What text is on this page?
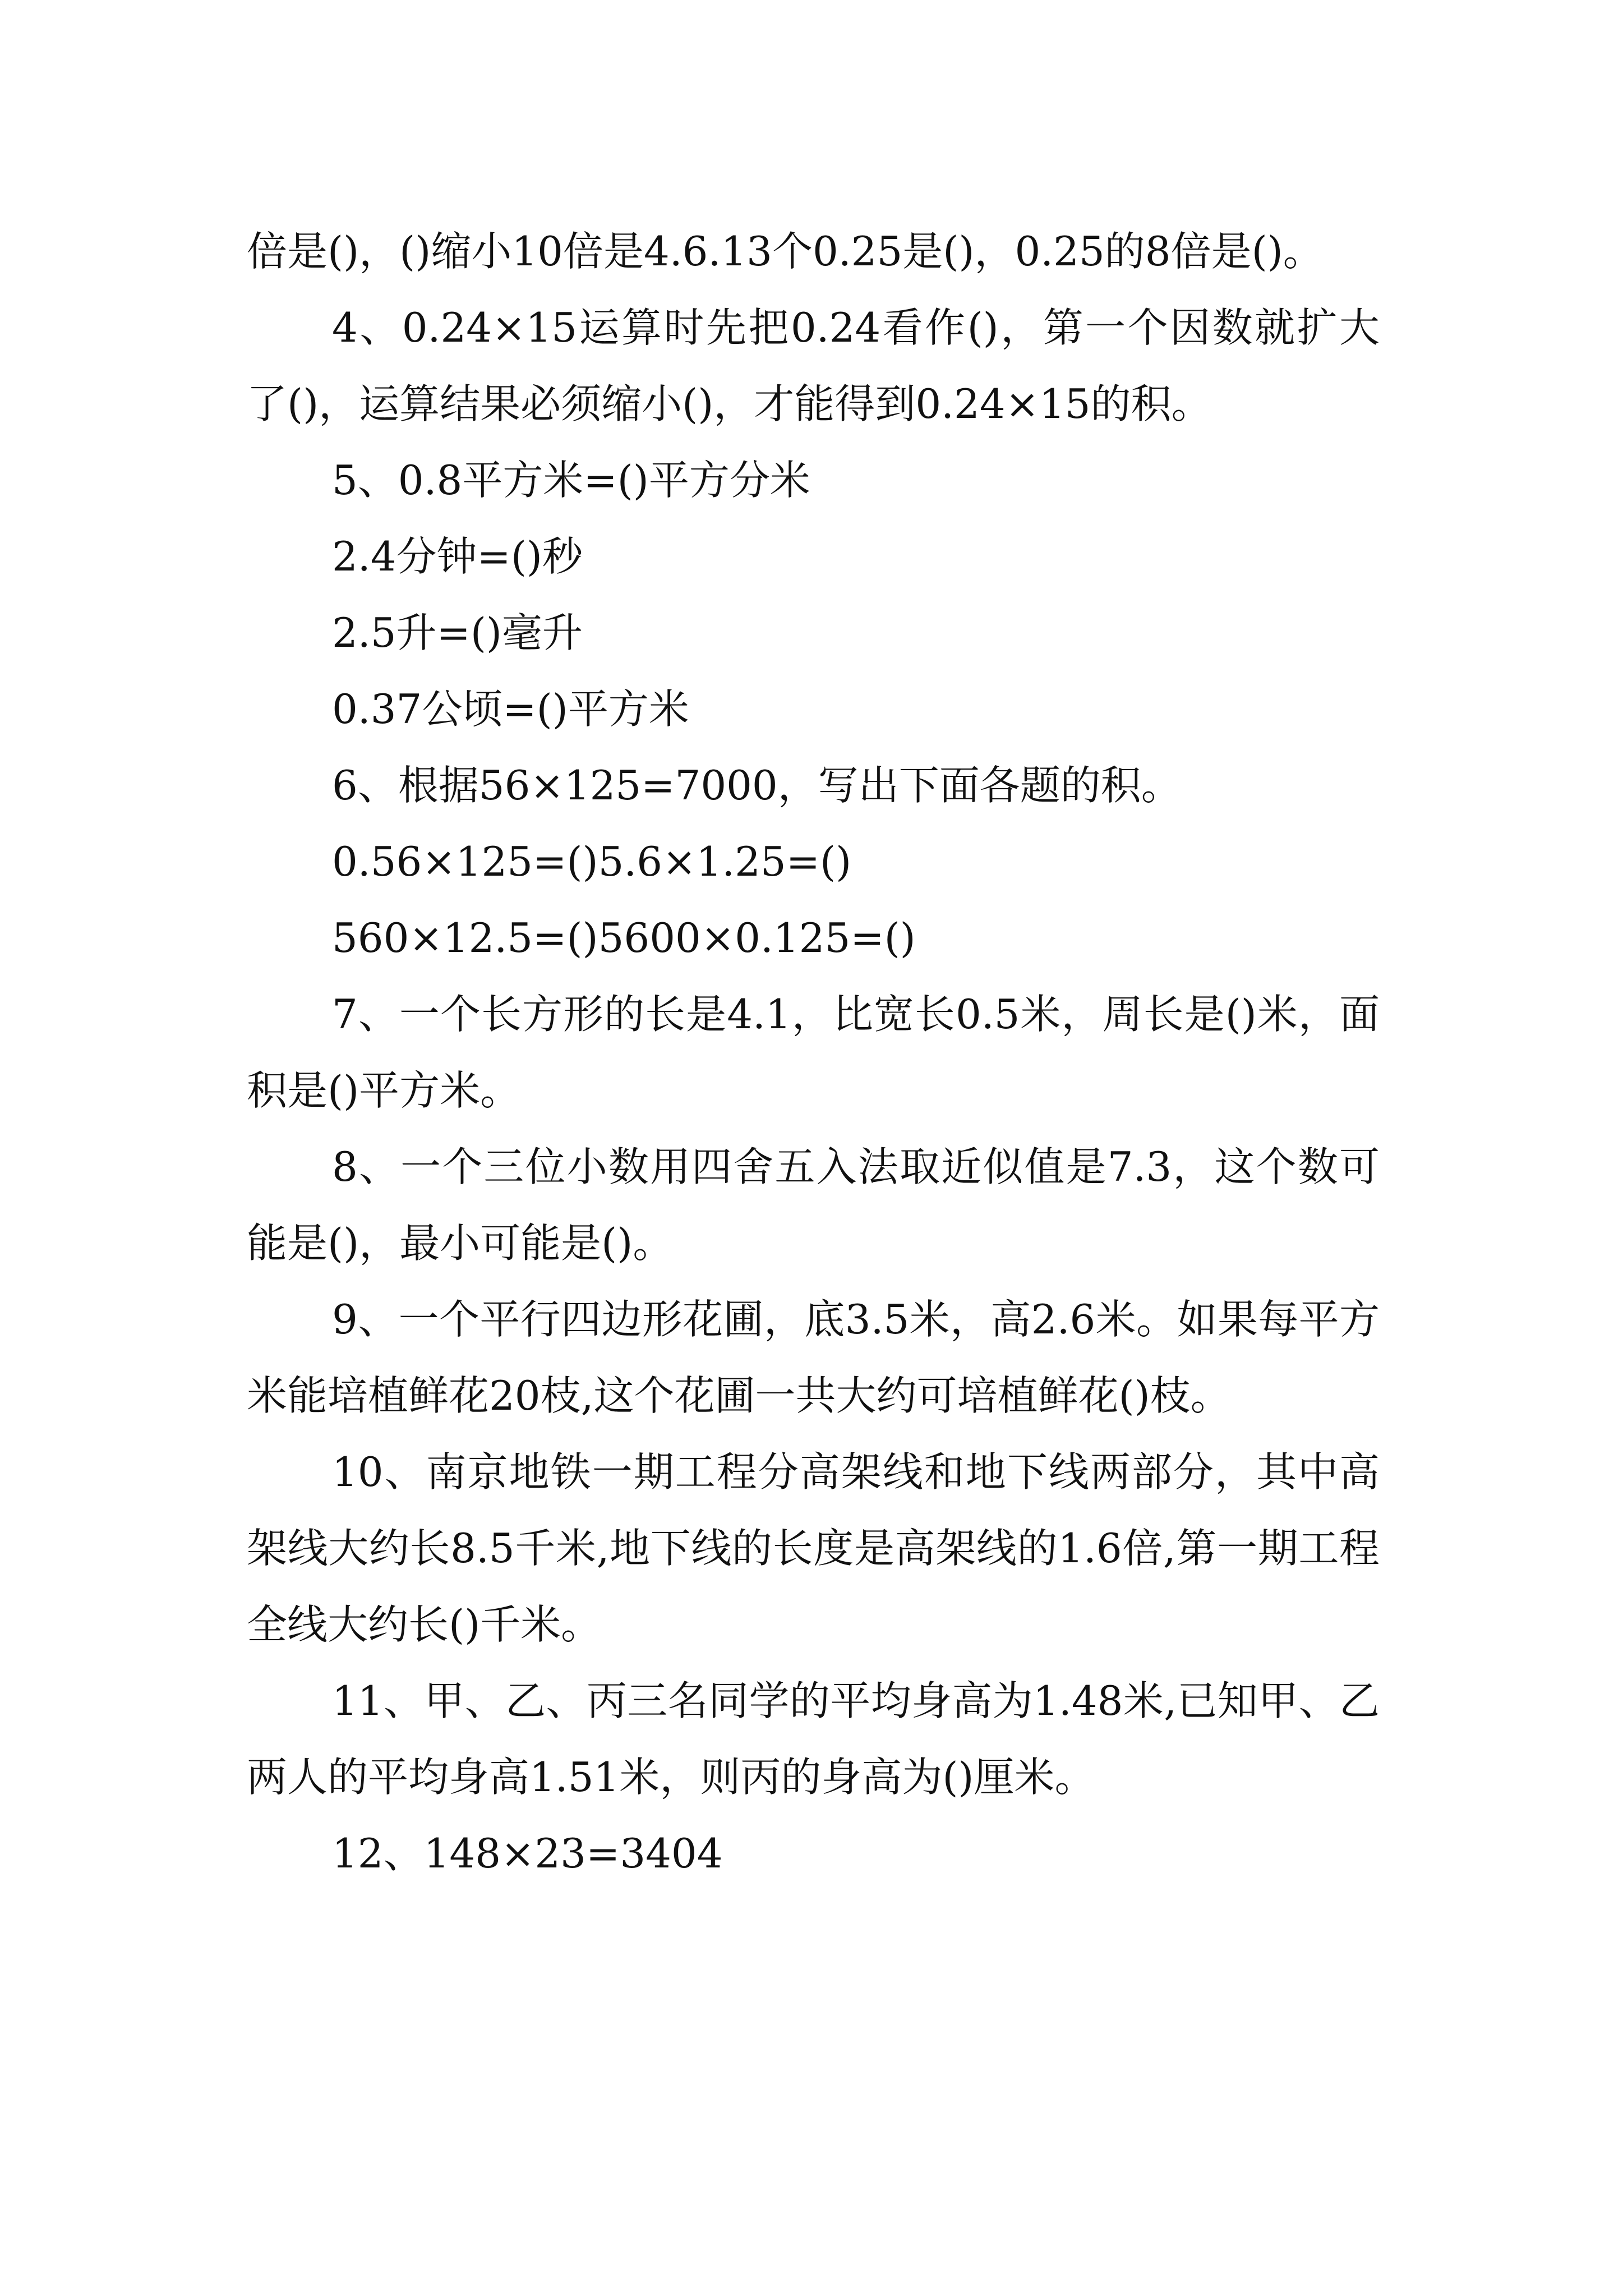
倍是()，()缩小10倍是4.6.13个0.25是()，0.25的8倍是()。

4、0.24×15运算时先把0.24看作()，第一个因数就扩大了()，运算结果必须缩小()，才能得到0.24×15的积。

5、0.8平方米=()平方分米

2.4分钟=()秒

2.5升=()毫升

0.37公顷=()平方米

6、根据56×125=7000，写出下面各题的积。

0.56×125=()5.6×1.25=()

560×12.5=()5600×0.125=()

7、一个长方形的长是4.1，比宽长0.5米，周长是()米，面积是()平方米。

8、一个三位小数用四舍五入法取近似值是7.3，这个数可能是()，最小可能是()。

9、一个平行四边形花圃，底3.5米，高2.6米。如果每平方米能培植鲜花20枝,这个花圃一共大约可培植鲜花()枝。

10、南京地铁一期工程分高架线和地下线两部分，其中高架线大约长8.5千米,地下线的长度是高架线的1.6倍,第一期工程全线大约长()千米。

11、甲、乙、丙三名同学的平均身高为1.48米,已知甲、乙两人的平均身高1.51米，则丙的身高为()厘米。

12、148×23=3404
